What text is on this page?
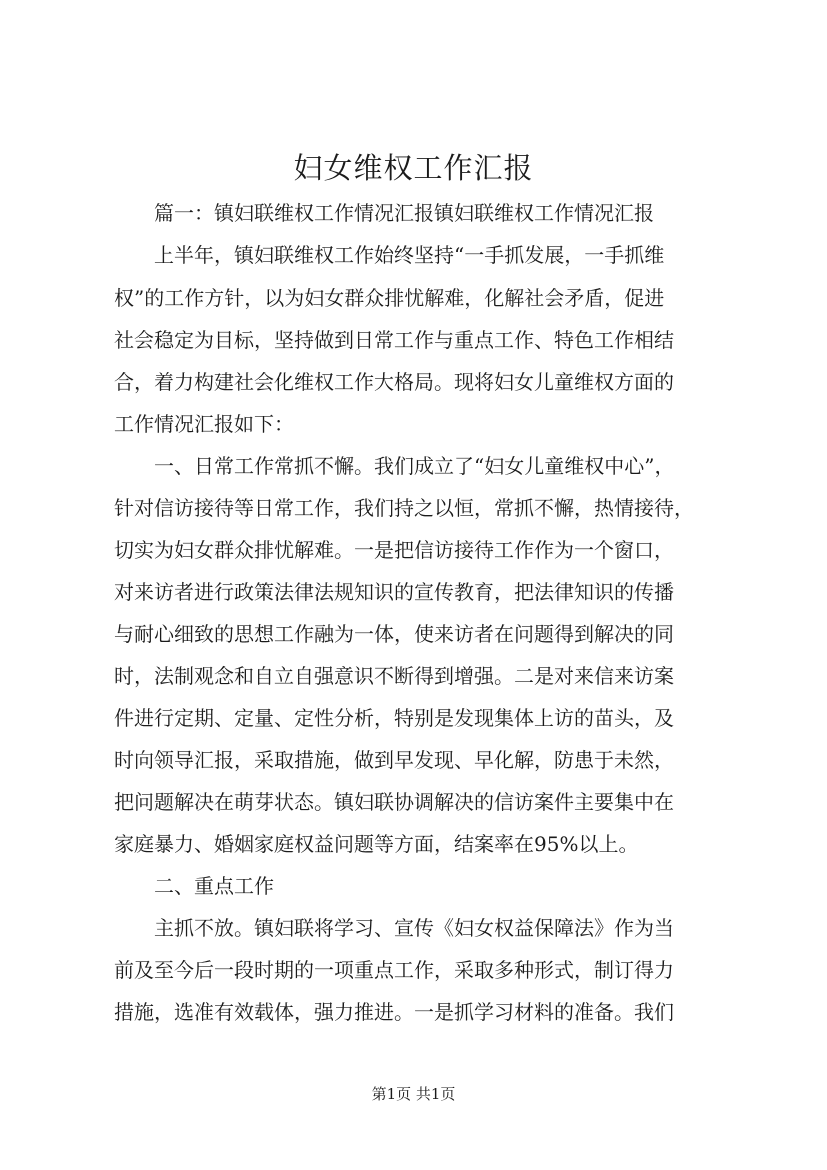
妇女维权工作汇报
　　篇一：镇妇联维权工作情况汇报镇妇联维权工作情况汇报
　　上半年，镇妇联维权工作始终坚持“一手抓发展，一手抓维
权”的工作方针，以为妇女群众排忧解难，化解社会矛盾，促进
社会稳定为目标，坚持做到日常工作与重点工作、特色工作相结
合，着力构建社会化维权工作大格局。现将妇女儿童维权方面的
工作情况汇报如下：
　　一、日常工作常抓不懈。我们成立了“妇女儿童维权中心”，
针对信访接待等日常工作，我们持之以恒，常抓不懈，热情接待，
切实为妇女群众排忧解难。一是把信访接待工作作为一个窗口，
对来访者进行政策法律法规知识的宣传教育，把法律知识的传播
与耐心细致的思想工作融为一体，使来访者在问题得到解决的同
时，法制观念和自立自强意识不断得到增强。二是对来信来访案
件进行定期、定量、定性分析，特别是发现集体上访的苗头，及
时向领导汇报，采取措施，做到早发现、早化解，防患于未然，
把问题解决在萌芽状态。镇妇联协调解决的信访案件主要集中在
家庭暴力、婚姻家庭权益问题等方面，结案率在95%以上。
　　二、重点工作
　　主抓不放。镇妇联将学习、宣传《妇女权益保障法》作为当
前及至今后一段时期的一项重点工作，采取多种形式，制订得力
措施，选准有效载体，强力推进。一是抓学习材料的准备。我们
第1页 共1页
